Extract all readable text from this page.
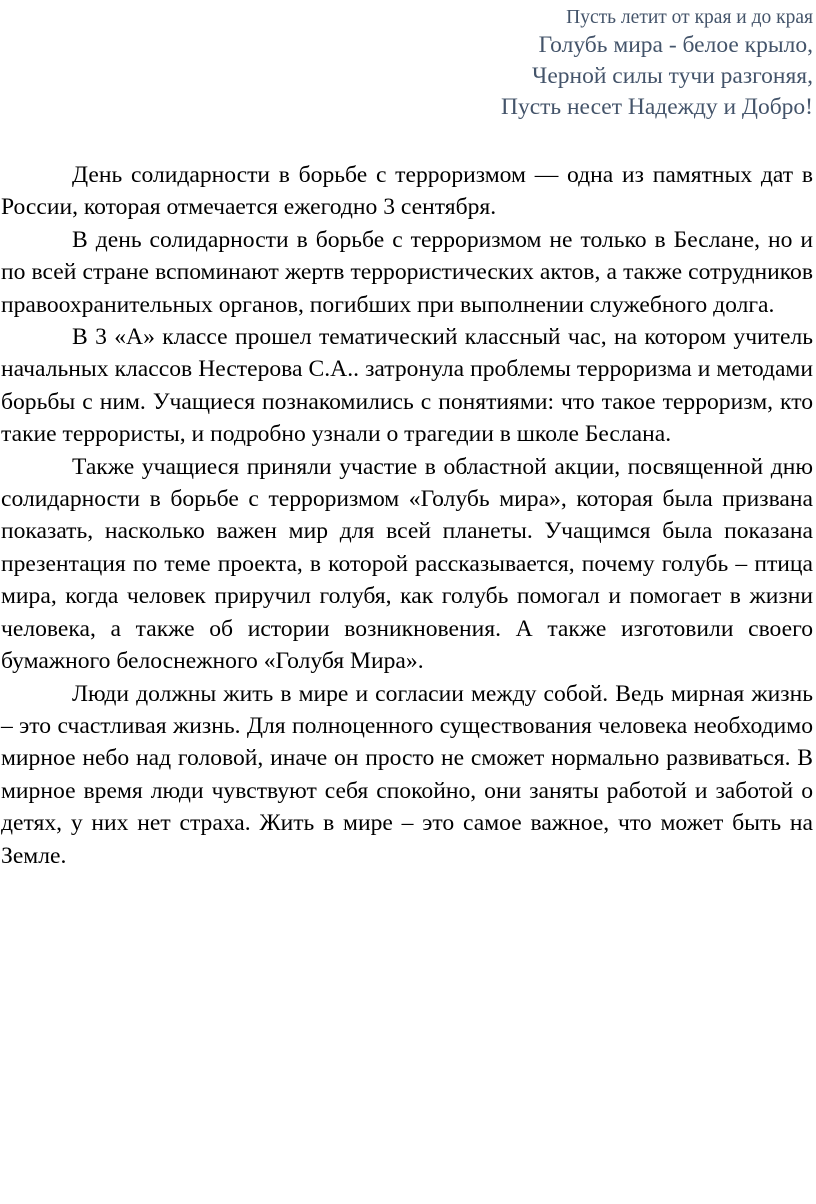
Пусть летит от края и до края
Голубь мира - белое крыло,
Черной силы тучи разгоняя,
Пусть несет Надежду и Добро!

День солидарности в борьбе с терроризмом — одна из памятных дат в России, которая отмечается ежегодно 3 сентября.

В день солидарности в борьбе с терроризмом не только в Беслане, но и по всей стране вспоминают жертв террористических актов, а также сотрудников правоохранительных органов, погибших при выполнении служебного долга.

В 3 «А» классе прошел тематический классный час, на котором учитель начальных классов Нестерова С.А.. затронула проблемы терроризма и методами борьбы с ним. Учащиеся познакомились с понятиями: что такое терроризм, кто такие террористы, и подробно узнали о трагедии в школе Беслана.

Также учащиеся приняли участие в областной акции, посвященной дню солидарности в борьбе с терроризмом «Голубь мира», которая была призвана показать, насколько важен мир для всей планеты. Учащимся была показана презентация по теме проекта, в которой рассказывается, почему голубь – птица мира, когда человек приручил голубя, как голубь помогал и помогает в жизни человека, а также об истории возникновения. А также изготовили своего бумажного белоснежного «Голубя Мира».

Люди должны жить в мире и согласии между собой. Ведь мирная жизнь – это счастливая жизнь. Для полноценного существования человека необходимо мирное небо над головой, иначе он просто не сможет нормально развиваться. В мирное время люди чувствуют себя спокойно, они заняты работой и заботой о детях, у них нет страха. Жить в мире – это самое важное, что может быть на Земле.
